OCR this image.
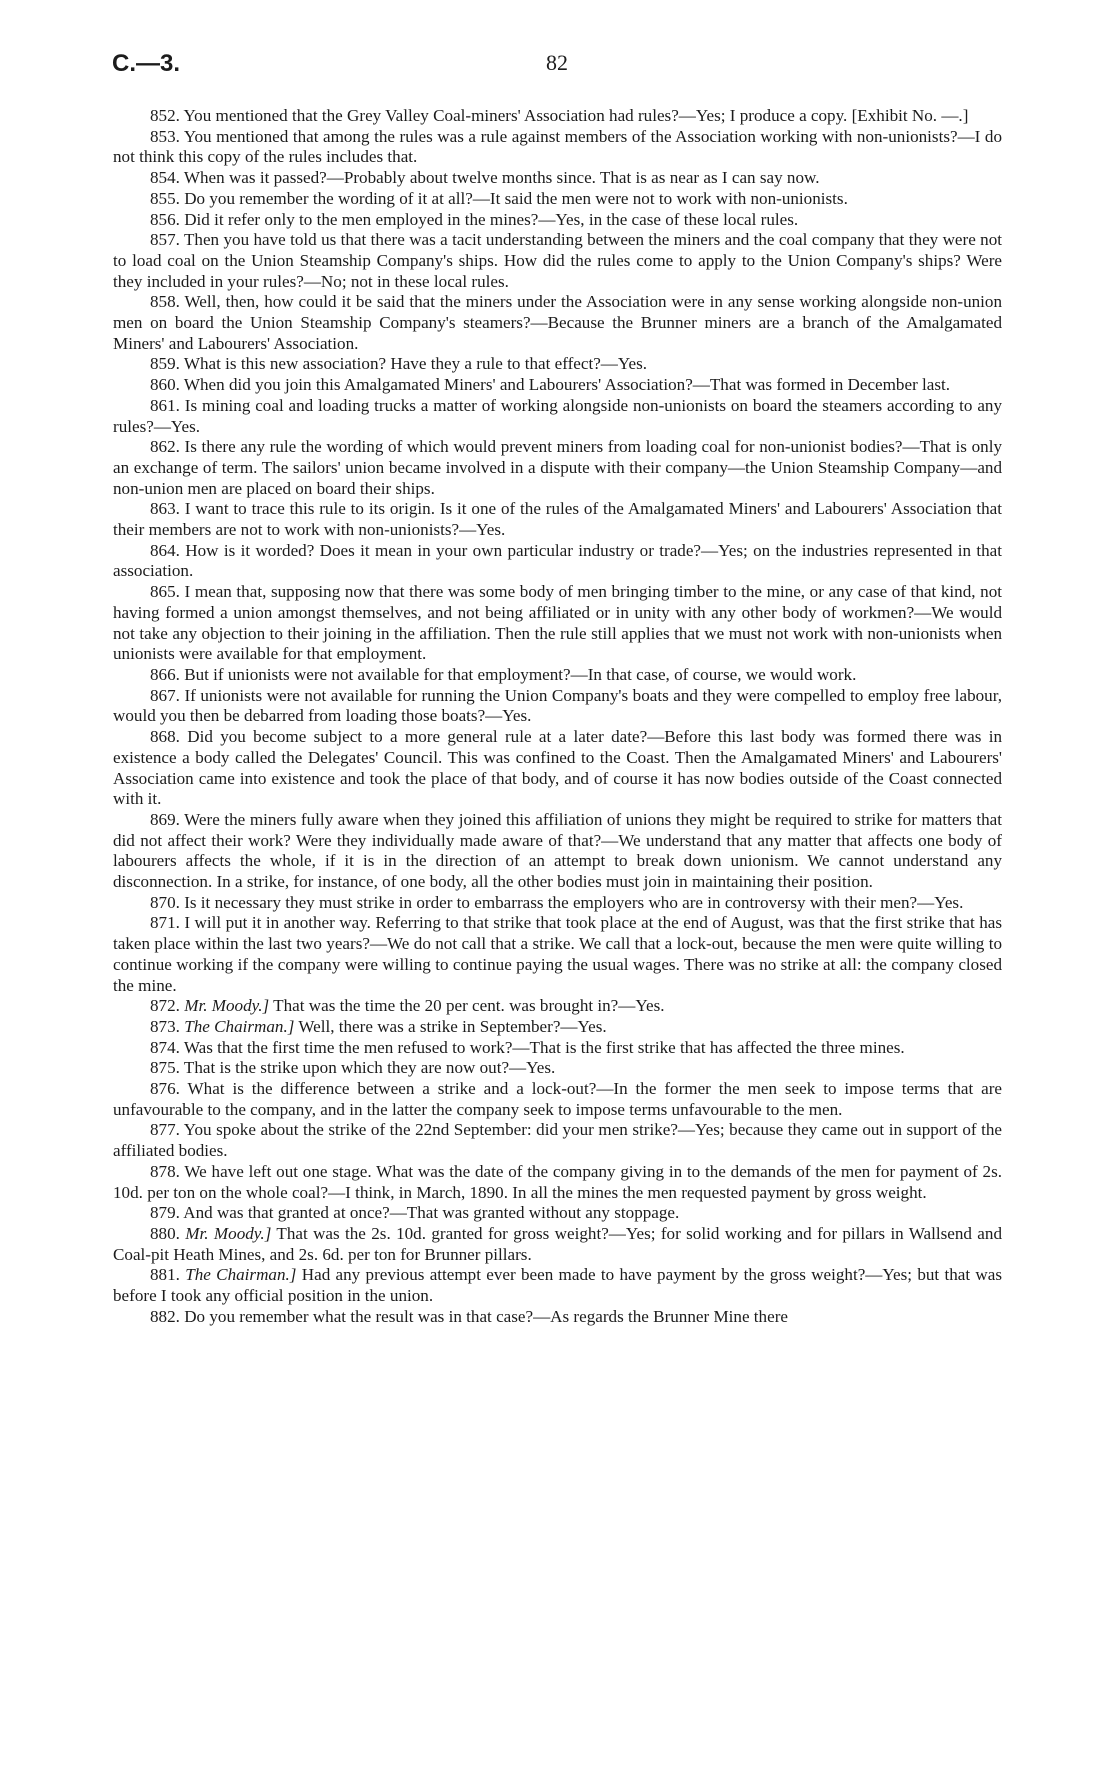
C.—3.	82

852. You mentioned that the Grey Valley Coal-miners' Association had rules?—Yes; I produce a copy. [Exhibit No. —.]

853. You mentioned that among the rules was a rule against members of the Association working with non-unionists?—I do not think this copy of the rules includes that.

854. When was it passed?—Probably about twelve months since. That is as near as I can say now.

855. Do you remember the wording of it at all?—It said the men were not to work with non-unionists.

856. Did it refer only to the men employed in the mines?—Yes, in the case of these local rules.

857. Then you have told us that there was a tacit understanding between the miners and the coal company that they were not to load coal on the Union Steamship Company's ships. How did the rules come to apply to the Union Company's ships? Were they included in your rules?—No; not in these local rules.

858. Well, then, how could it be said that the miners under the Association were in any sense working alongside non-union men on board the Union Steamship Company's steamers?—Because the Brunner miners are a branch of the Amalgamated Miners' and Labourers' Association.

859. What is this new association? Have they a rule to that effect?—Yes.

860. When did you join this Amalgamated Miners' and Labourers' Association?—That was formed in December last.

861. Is mining coal and loading trucks a matter of working alongside non-unionists on board the steamers according to any rules?—Yes.

862. Is there any rule the wording of which would prevent miners from loading coal for non-unionist bodies?—That is only an exchange of term. The sailors' union became involved in a dispute with their company—the Union Steamship Company—and non-union men are placed on board their ships.

863. I want to trace this rule to its origin. Is it one of the rules of the Amalgamated Miners' and Labourers' Association that their members are not to work with non-unionists?—Yes.

864. How is it worded? Does it mean in your own particular industry or trade?—Yes; on the industries represented in that association.

865. I mean that, supposing now that there was some body of men bringing timber to the mine, or any case of that kind, not having formed a union amongst themselves, and not being affiliated or in unity with any other body of workmen?—We would not take any objection to their joining in the affiliation. Then the rule still applies that we must not work with non-unionists when unionists were available for that employment.

866. But if unionists were not available for that employment?—In that case, of course, we would work.

867. If unionists were not available for running the Union Company's boats and they were compelled to employ free labour, would you then be debarred from loading those boats?—Yes.

868. Did you become subject to a more general rule at a later date?—Before this last body was formed there was in existence a body called the Delegates' Council. This was confined to the Coast. Then the Amalgamated Miners' and Labourers' Association came into existence and took the place of that body, and of course it has now bodies outside of the Coast connected with it.

869. Were the miners fully aware when they joined this affiliation of unions they might be required to strike for matters that did not affect their work? Were they individually made aware of that?—We understand that any matter that affects one body of labourers affects the whole, if it is in the direction of an attempt to break down unionism. We cannot understand any disconnection. In a strike, for instance, of one body, all the other bodies must join in maintaining their position.

870. Is it necessary they must strike in order to embarrass the employers who are in controversy with their men?—Yes.

871. I will put it in another way. Referring to that strike that took place at the end of August, was that the first strike that has taken place within the last two years?—We do not call that a strike. We call that a lock-out, because the men were quite willing to continue working if the company were willing to continue paying the usual wages. There was no strike at all: the company closed the mine.

872. Mr. Moody.] That was the time the 20 per cent. was brought in?—Yes.

873. The Chairman.] Well, there was a strike in September?—Yes.

874. Was that the first time the men refused to work?—That is the first strike that has affected the three mines.

875. That is the strike upon which they are now out?—Yes.

876. What is the difference between a strike and a lock-out?—In the former the men seek to impose terms that are unfavourable to the company, and in the latter the company seek to impose terms unfavourable to the men.

877. You spoke about the strike of the 22nd September: did your men strike?—Yes; because they came out in support of the affiliated bodies.

878. We have left out one stage. What was the date of the company giving in to the demands of the men for payment of 2s. 10d. per ton on the whole coal?—I think, in March, 1890. In all the mines the men requested payment by gross weight.

879. And was that granted at once?—That was granted without any stoppage.

880. Mr. Moody.] That was the 2s. 10d. granted for gross weight?—Yes; for solid working and for pillars in Wallsend and Coal-pit Heath Mines, and 2s. 6d. per ton for Brunner pillars.

881. The Chairman.] Had any previous attempt ever been made to have payment by the gross weight?—Yes; but that was before I took any official position in the union.

882. Do you remember what the result was in that case?—As regards the Brunner Mine there
